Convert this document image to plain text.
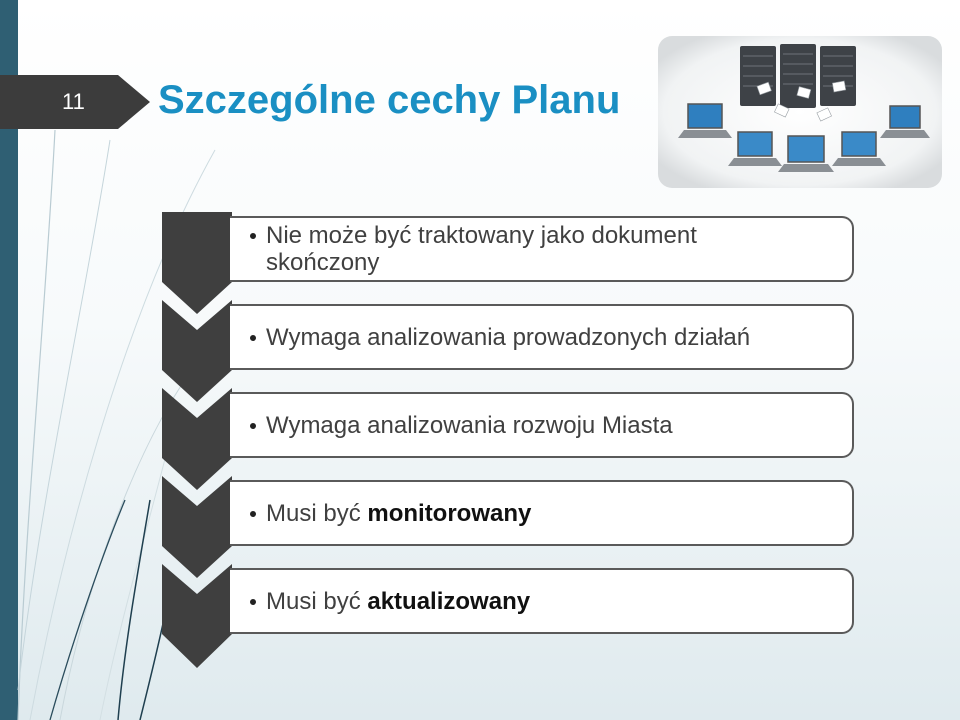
11	Szczególne cechy Planu
Nie może być traktowany jako dokument skończony
Wymaga analizowania prowadzonych działań
Wymaga analizowania rozwoju Miasta
Musi być monitorowany
Musi być aktualizowany
